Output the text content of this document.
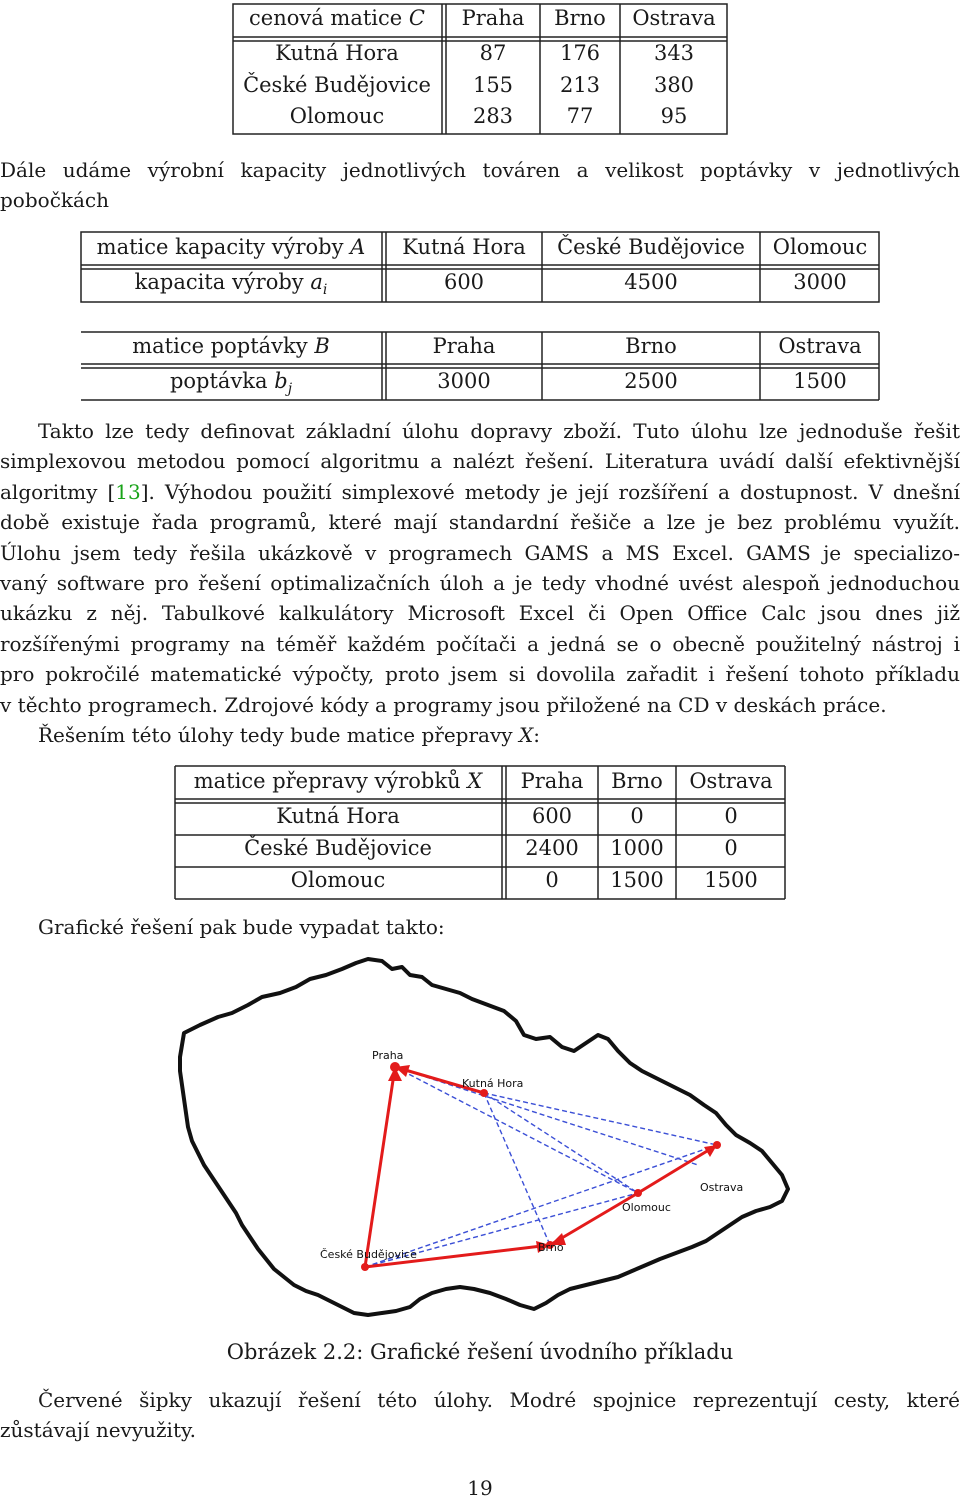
cenová matice C	Praha	Brno	Ostrava
Kutná Hora	87	176	343
České Budějovice	155	213	380
Olomouc	283	77	95
Dále udáme výrobní kapacity jednotlivých továren a velikost poptávky v jednotlivých
pobočkách
matice kapacity výroby A	Kutná Hora	České Budějovice	Olomouc
kapacita výroby $a_i$	600	4500	3000
matice poptávky B	Praha	Brno	Ostrava
poptávka $b_j$	3000	2500	1500
Takto lze tedy definovat základní úlohu dopravy zboží. Tuto úlohu lze jednoduše řešit
simplexovou metodou pomocí algoritmu a nalézt řešení. Literatura uvádí další efektivnější
algoritmy [13]. Výhodou použití simplexové metody je její rozšíření a dostupnost. V dnešní
době existuje řada programů, které mají standardní řešiče a lze je bez problému využít.
Úlohu jsem tedy řešila ukázkově v programech GAMS a MS Excel. GAMS je specializo-
vaný software pro řešení optimalizačních úloh a je tedy vhodné uvést alespoň jednoduchou
ukázku z něj. Tabulkové kalkulátory Microsoft Excel či Open Office Calc jsou dnes již
rozšířenými programy na téměř každém počítači a jedná se o obecně použitelný nástroj i
pro pokročilé matematické výpočty, proto jsem si dovolila zařadit i řešení tohoto příkladu
v těchto programech. Zdrojové kódy a programy jsou přiložené na CD v deskách práce.
Řešením této úlohy tedy bude matice přepravy X:
matice přepravy výrobků X	Praha	Brno	Ostrava
Kutná Hora	600	0	0
České Budějovice	2400	1000	0
Olomouc	0	1500	1500
Grafické řešení pak bude vypadat takto:
Praha
Kutná Hora
Ostrava
Olomouc
České Budějovice
Brno
Obrázek 2.2: Grafické řešení úvodního příkladu
Červené šipky ukazují řešení této úlohy. Modré spojnice reprezentují cesty, které
zůstávají nevyužity.
19
